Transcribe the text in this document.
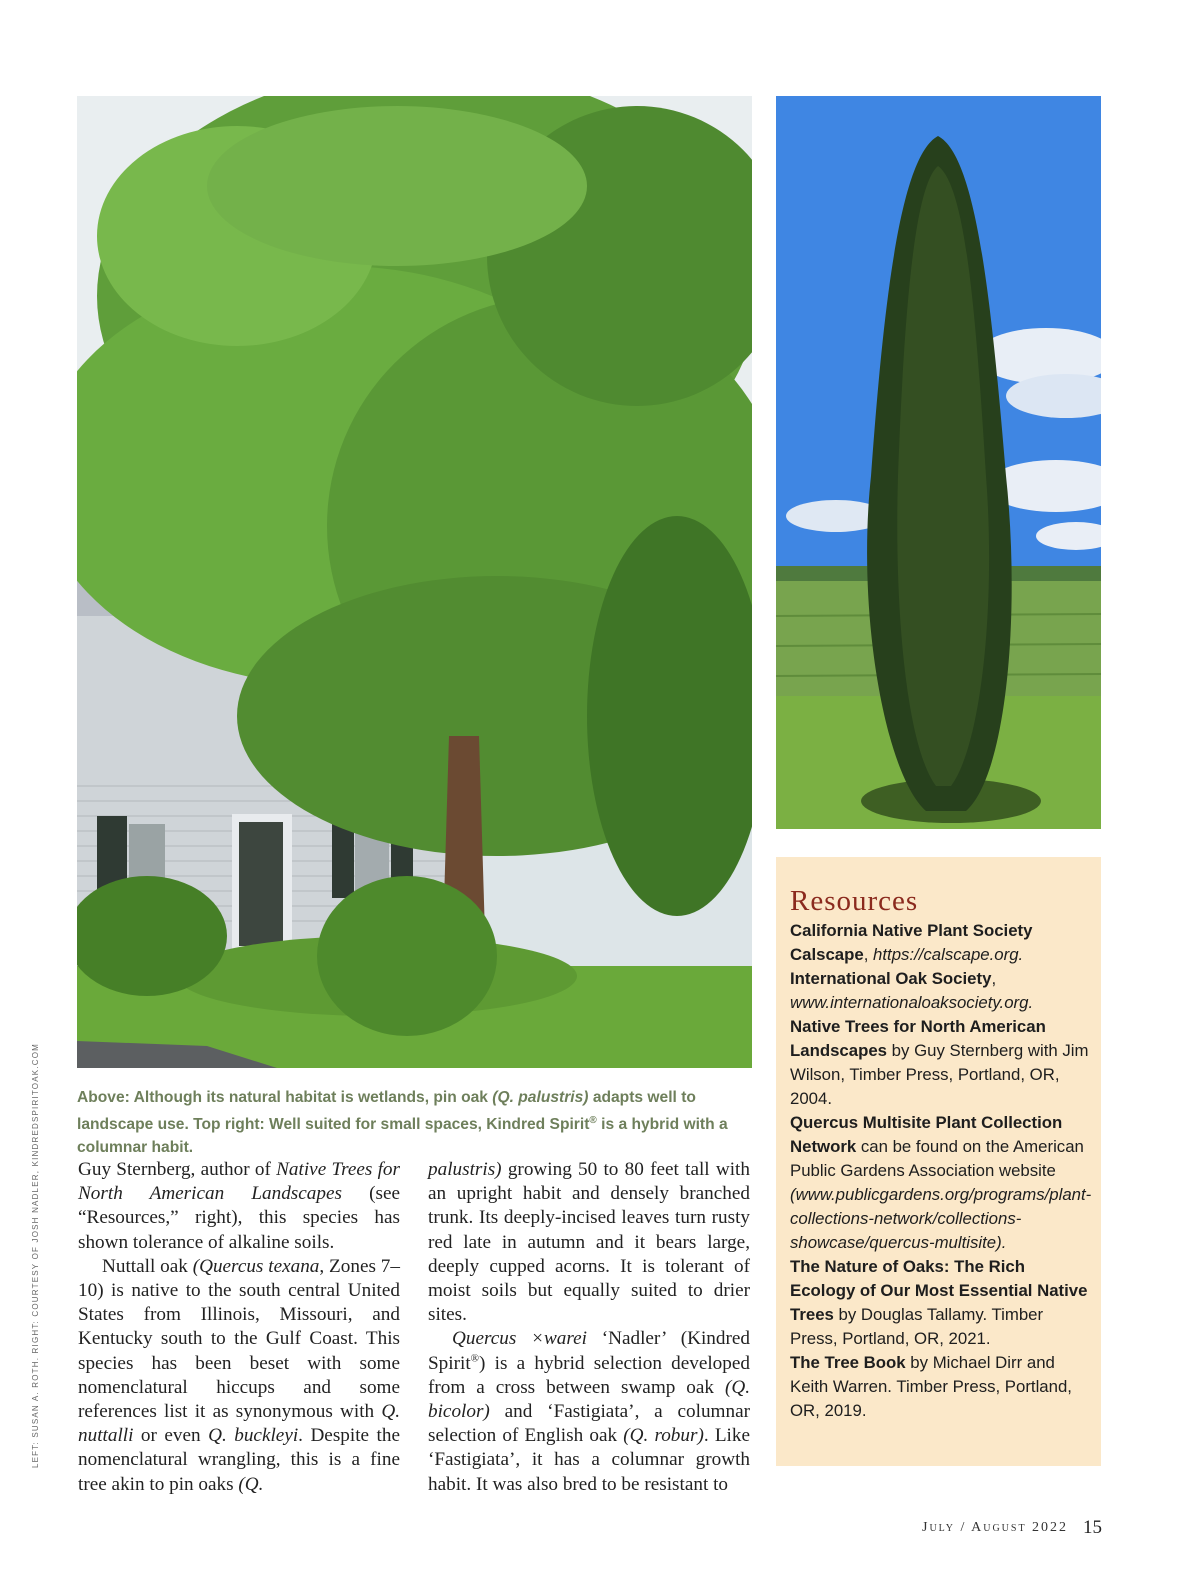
LEFT: SUSAN A. ROTH. RIGHT: COURTESY OF JOSH NADLER, KINDREDSPIRITOAK.COM Above: Although its natural habitat is wetlands, pin oak (Q. palustris) adapts well to landscape use. Top right: Well suited for small spaces, Kindred Spirit® is a hybrid with a columnar habit.

Guy Sternberg, author of Native Trees for North American Landscapes (see “Resources,” right), this species has shown tolerance of alkaline soils.

Nuttall oak (Quercus texana, Zones 7–10) is native to the south central United States from Illinois, Missouri, and Kentucky south to the Gulf Coast. This species has been beset with some nomenclatural hiccups and some references list it as synonymous with Q. nuttalli or even Q. buckleyi. Despite the nomenclatural wrangling, this is a fine tree akin to pin oaks (Q.

palustris) growing 50 to 80 feet tall with an upright habit and densely branched trunk. Its deeply-incised leaves turn rusty red late in autumn and it bears large, deeply cupped acorns. It is tolerant of moist soils but equally suited to drier sites.

Quercus ×warei ‘Nadler’ (Kindred Spirit®) is a hybrid selection developed from a cross between swamp oak (Q. bicolor) and ‘Fastigiata’, a columnar selection of English oak (Q. robur). Like ‘Fastigiata’, it has a columnar growth habit. It was also bred to be resistant to

Resources

California Native Plant Society Calscape, https://calscape.org.

International Oak Society, www.internationaloaksociety.org.

Native Trees for North American Landscapes by Guy Sternberg with Jim Wilson, Timber Press, Portland, OR, 2004.

Quercus Multisite Plant Collection Network can be found on the American Public Gardens Association website (www.publicgardens.org/programs/plant-collections-network/collections-showcase/quercus-multisite).

The Nature of Oaks: The Rich Ecology of Our Most Essential Native Trees by Douglas Tallamy. Timber Press, Portland, OR, 2021.

The Tree Book by Michael Dirr and Keith Warren. Timber Press, Portland, OR, 2019.

July / August 2022 15
